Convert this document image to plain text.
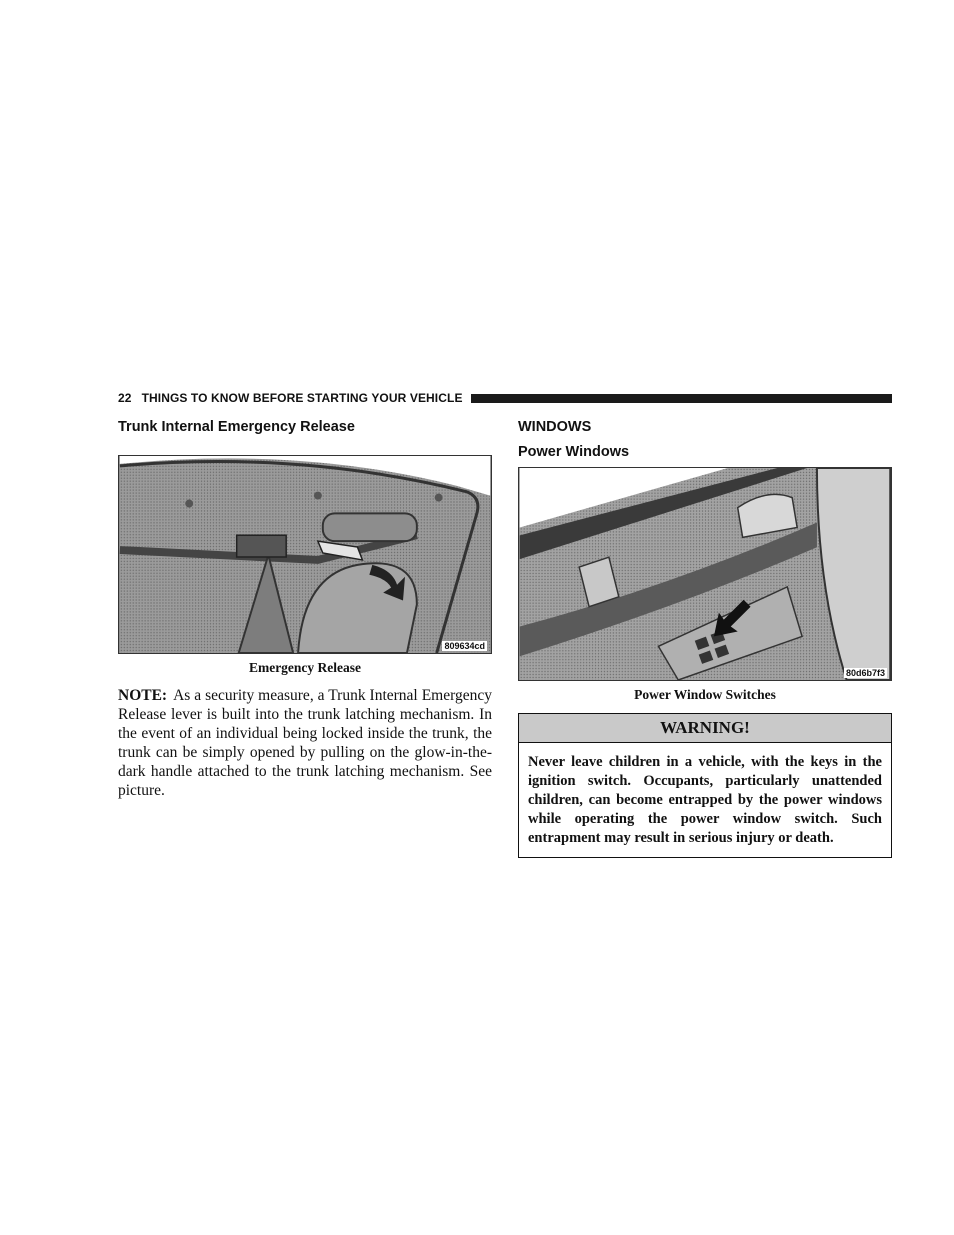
22 THINGS TO KNOW BEFORE STARTING YOUR VEHICLE
Trunk Internal Emergency Release
809634cd
Emergency Release

NOTE: As a security measure, a Trunk Internal Emergency Release lever is built into the trunk latching mechanism. In the event of an individual being locked inside the trunk, the trunk can be simply opened by pulling on the glow-in-the-dark handle attached to the trunk latching mechanism. See picture.

WINDOWS
Power Windows
80d6b7f3
Power Window Switches
WARNING!
Never leave children in a vehicle, with the keys in the ignition switch. Occupants, particularly unattended children, can become entrapped by the power windows while operating the power window switch. Such entrapment may result in serious injury or death.
